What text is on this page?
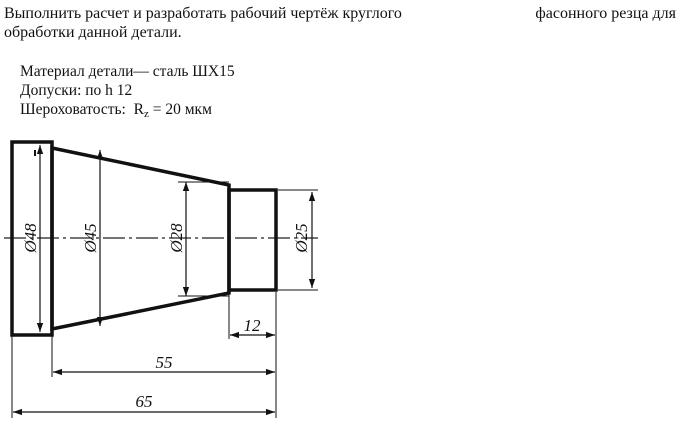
Выполнить расчет и разработать рабочий чертёж круглого	фасонного резца для
обработки данной детали.
Материал детали— сталь ШХ15
Допуски: по h 12
Шероховатость: $R_z = 20$ мкм
Ø48 Ø45	Ø28	Ø25
12
55
65
